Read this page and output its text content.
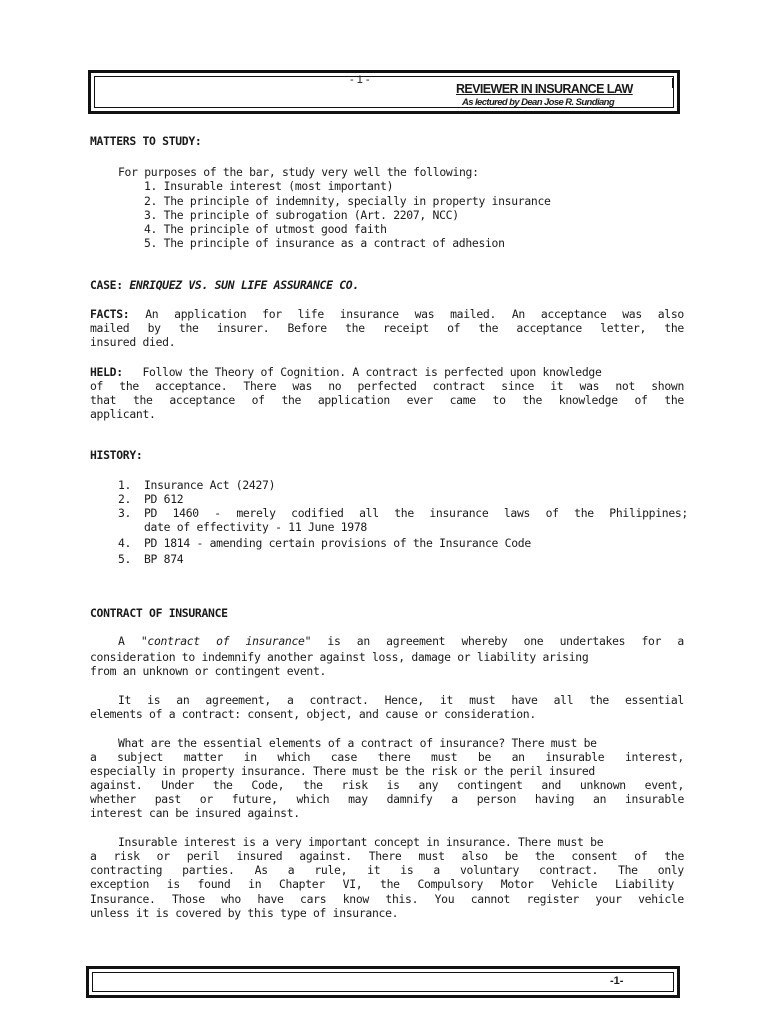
- 1 -
REVIEWER IN INSURANCE LAW
As lectured by Dean Jose R. Sundiang
MATTERS TO STUDY:
For purposes of the bar, study very well the following:
1. Insurable interest (most important)
2. The principle of indemnity, specially in property insurance
3. The principle of subrogation (Art. 2207, NCC)
4. The principle of utmost good faith
5. The principle of insurance as a contract of adhesion
CASE: ENRIQUEZ VS. SUN LIFE ASSURANCE CO.
FACTS: An application for life insurance was mailed. An acceptance was also
mailed by the insurer. Before the receipt of the acceptance letter, the
insured died.
HELD: Follow the Theory of Cognition. A contract is perfected upon knowledge
of the acceptance. There was no perfected contract since it was not shown
that the acceptance of the application ever came to the knowledge of the
applicant.
HISTORY:
1. Insurance Act (2427)
2. PD 612
3. PD 1460 - merely codified all the insurance laws of the Philippines;
date of effectivity - 11 June 1978
4. PD 1814 - amending certain provisions of the Insurance Code
5. BP 874
CONTRACT OF INSURANCE
A "contract of insurance" is an agreement whereby one undertakes for a
consideration to indemnify another against loss, damage or liability arising
from an unknown or contingent event.
It is an agreement, a contract. Hence, it must have all the essential
elements of a contract: consent, object, and cause or consideration.
What are the essential elements of a contract of insurance? There must be
a subject matter in which case there must be an insurable interest,
especially in property insurance. There must be the risk or the peril insured
against. Under the Code, the risk is any contingent and unknown event,
whether past or future, which may damnify a person having an insurable
interest can be insured against.
Insurable interest is a very important concept in insurance. There must be
a risk or peril insured against. There must also be the consent of the
contracting parties. As a rule, it is a voluntary contract. The only
exception is found in Chapter VI, the Compulsory Motor Vehicle Liability
Insurance. Those who have cars know this. You cannot register your vehicle
unless it is covered by this type of insurance.
-1-
